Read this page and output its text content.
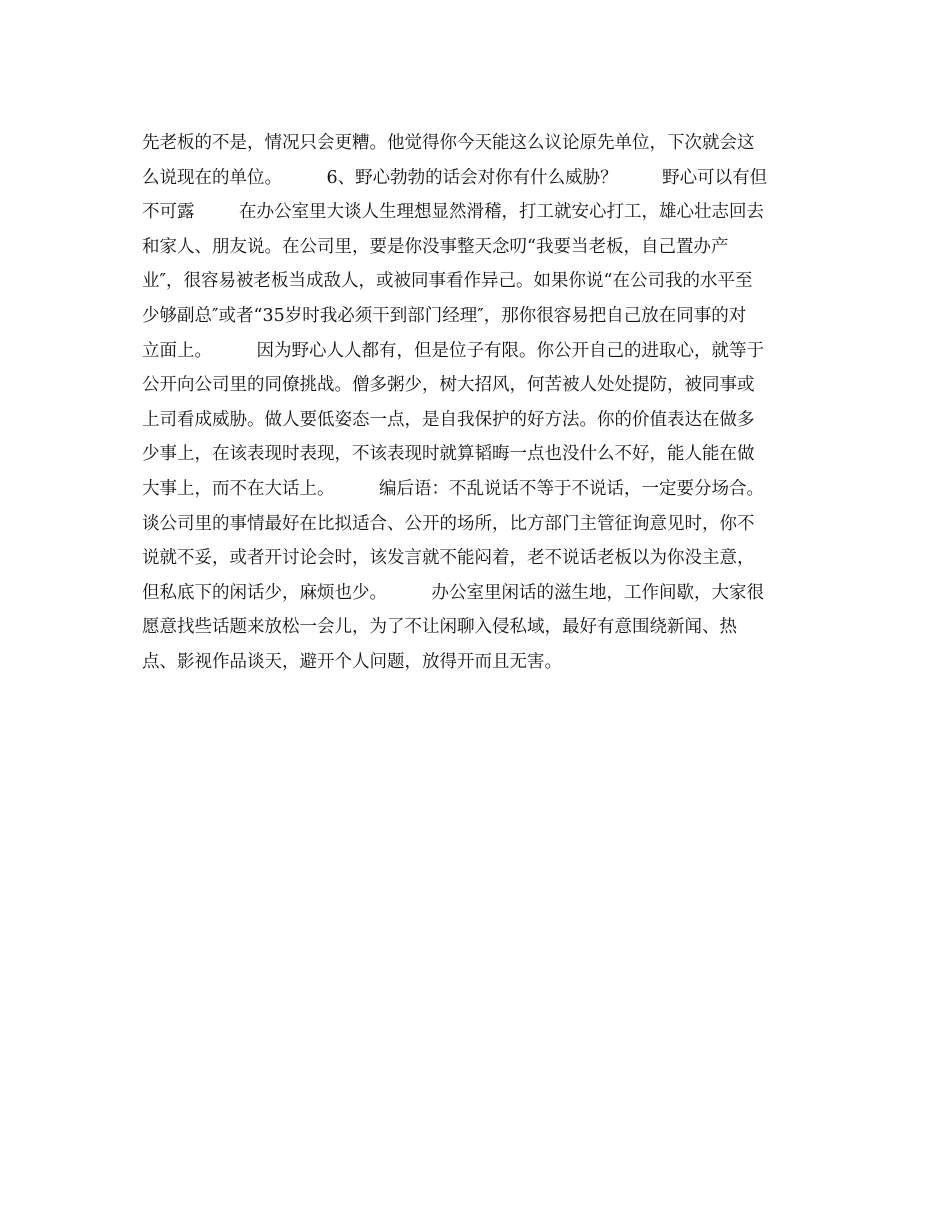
先老板的不是，情况只会更糟。他觉得你今天能这么议论原先单位，下次就会这
么说现在的单位。        6、野心勃勃的话会对你有什么威胁？        野心可以有但
不可露        在办公室里大谈人生理想显然滑稽，打工就安心打工，雄心壮志回去
和家人、朋友说。在公司里，要是你没事整天念叨“我要当老板，自己置办产
业″，很容易被老板当成敌人，或被同事看作异己。如果你说“在公司我的水平至
少够副总″或者“35岁时我必须干到部门经理″，那你很容易把自己放在同事的对
立面上。        因为野心人人都有，但是位子有限。你公开自己的进取心，就等于
公开向公司里的同僚挑战。僧多粥少，树大招风，何苦被人处处提防，被同事或
上司看成威胁。做人要低姿态一点，是自我保护的好方法。你的价值表达在做多
少事上，在该表现时表现，不该表现时就算韬晦一点也没什么不好，能人能在做
大事上，而不在大话上。        编后语：不乱说话不等于不说话，一定要分场合。
谈公司里的事情最好在比拟适合、公开的场所，比方部门主管征询意见时，你不
说就不妥，或者开讨论会时，该发言就不能闷着，老不说话老板以为你没主意，
但私底下的闲话少，麻烦也少。        办公室里闲话的滋生地，工作间歇，大家很
愿意找些话题来放松一会儿，为了不让闲聊入侵私域，最好有意围绕新闻、热
点、影视作品谈天，避开个人问题，放得开而且无害。
